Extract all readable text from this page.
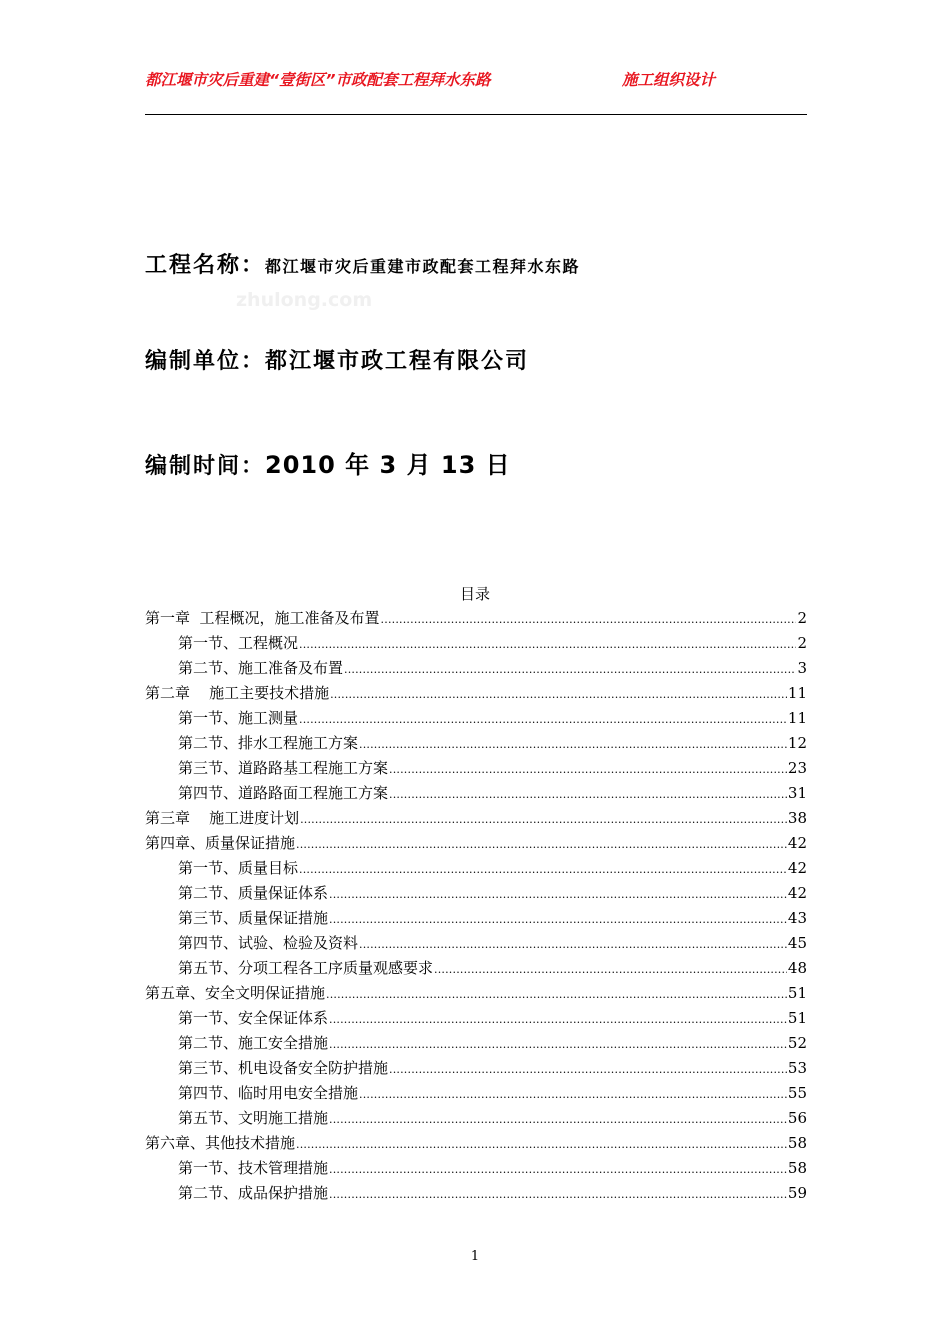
都江堰市灾后重建“壹街区”市政配套工程拜水东路	施工组织设计
工程名称：都江堰市灾后重建市政配套工程拜水东路
zhulong.com
编制单位：都江堰市政工程有限公司
编制时间：2010 年 3 月 13 日
目录
第一章  工程概况，施工准备及布置 .....	2
第一节、工程概况 .....	2
第二节、施工准备及布置 .....	3
第二章    施工主要技术措施 .....	11
第一节、施工测量 .....	11
第二节、排水工程施工方案 .....	12
第三节、道路路基工程施工方案 .....	23
第四节、道路路面工程施工方案 .....	31
第三章    施工进度计划 .....	38
第四章、质量保证措施 .....	42
第一节、质量目标 .....	42
第二节、质量保证体系 .....	42
第三节、质量保证措施 .....	43
第四节、试验、检验及资料 .....	45
第五节、分项工程各工序质量观感要求 .....	48
第五章、安全文明保证措施 .....	51
第一节、安全保证体系 .....	51
第二节、施工安全措施 .....	52
第三节、机电设备安全防护措施 .....	53
第四节、临时用电安全措施 .....	55
第五节、文明施工措施 .....	56
第六章、其他技术措施 .....	58
第一节、技术管理措施 .....	58
第二节、成品保护措施 .....	59
1
